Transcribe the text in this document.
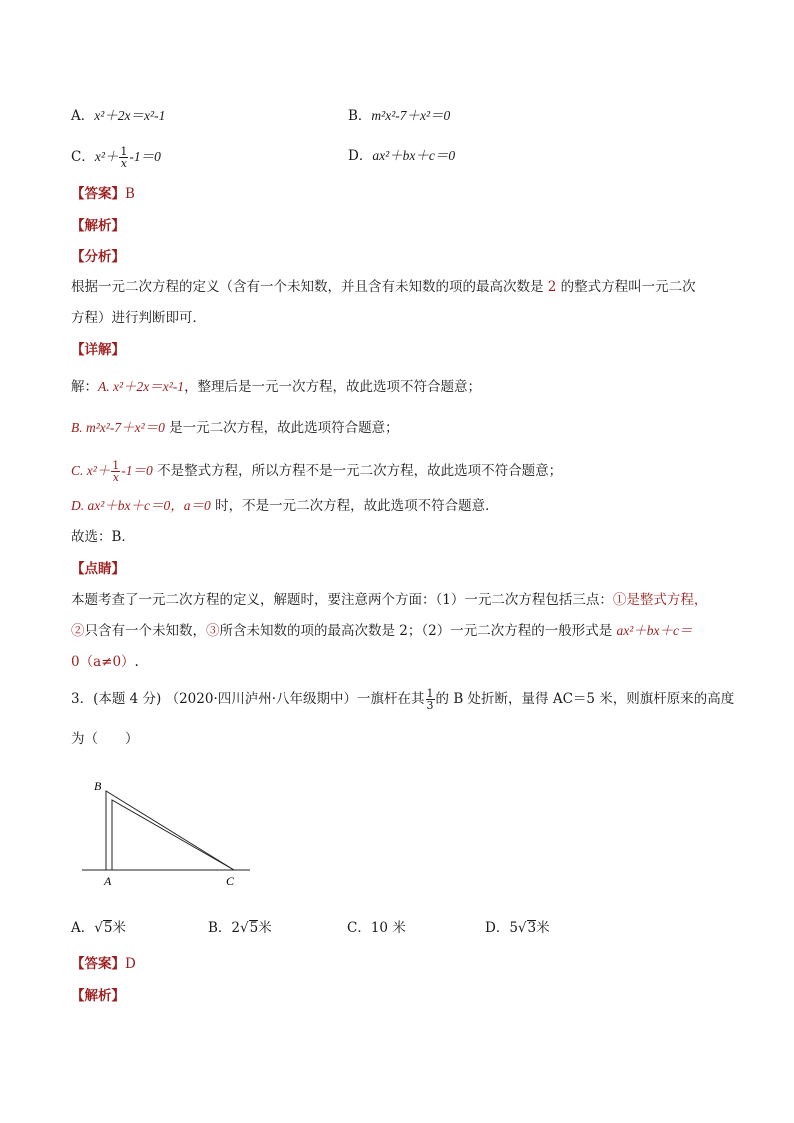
A．x²＋2x＝x²-1	B．m²x²-7＋x²＝0
C．$x^2+ \frac{1}{x} -1=0$	D．ax²＋bx＋c＝0
【答案】B
【解析】
【分析】
根据一元二次方程的定义（含有一个未知数，并且含有未知数的项的最高次数是 2 的整式方程叫一元二次
方程）进行判断即可．
【详解】
解：A. x²＋2x＝x²-1，整理后是一元一次方程，故此选项不符合题意；
B. m²x²-7＋x²＝0 是一元二次方程，故此选项符合题意；
C. $x^2+ \frac{1}{x} -1=0$ 不是整式方程，所以方程不是一元二次方程，故此选项不符合题意；
D. ax²＋bx＋c＝0，a＝0 时，不是一元二次方程，故此选项不符合题意．
故选：B．
【点睛】
本题考查了一元二次方程的定义，解题时，要注意两个方面：（1）一元二次方程包括三点：①是整式方程，
②只含有一个未知数，③所含未知数的项的最高次数是 2；（2）一元二次方程的一般形式是 ax²＋bx＋c＝
0（a≠0）.
3．(本题 4 分) （2020·四川泸州·八年级期中）一旗杆在其 $\frac{1}{3}$ 的 B 处折断，量得 AC＝5 米，则旗杆原来的高度
为（　　）
B
A	C
A．√5米	B．2√5米	C．10 米	D．5√3米
【答案】D
【解析】
